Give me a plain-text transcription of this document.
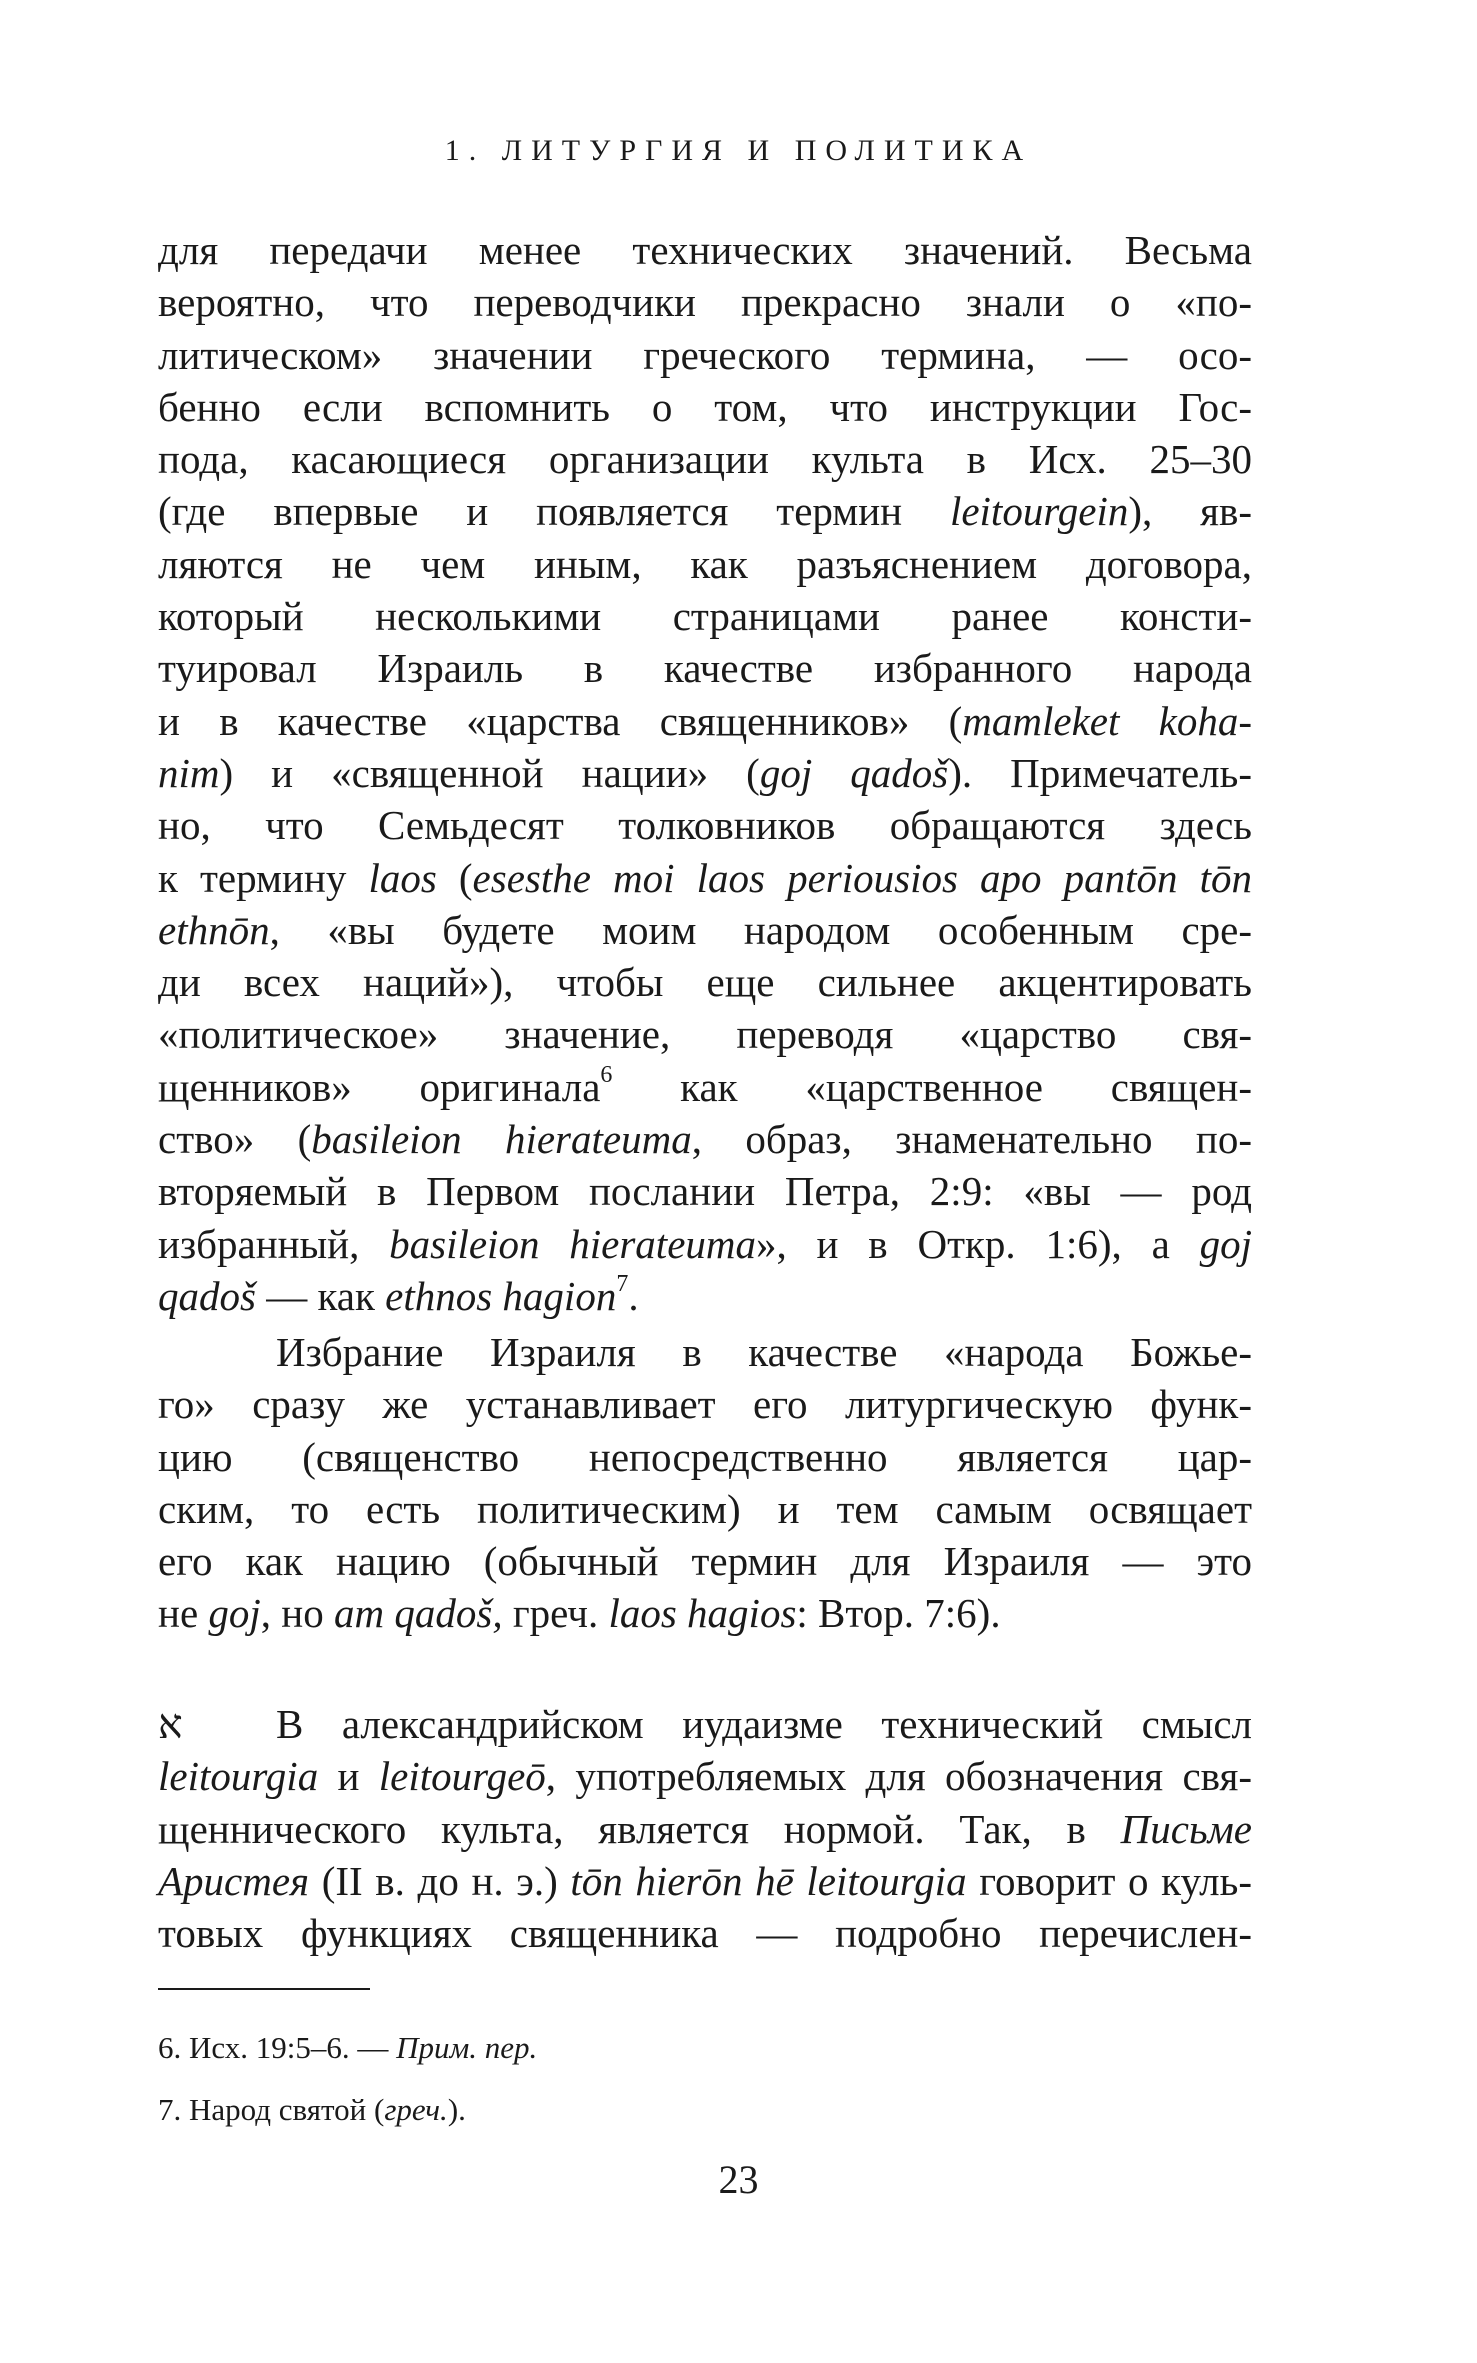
1. ЛИТУРГИЯ И ПОЛИТИКА
для передачи менее технических значений. Весьма
вероятно, что переводчики прекрасно знали о «по-
литическом» значении греческого термина, — осо-
бенно если вспомнить о том, что инструкции Гос-
пода, касающиеся организации культа в Исх. 25–30
(где впервые и появляется термин leitourgein), яв-
ляются не чем иным, как разъяснением договора,
который несколькими страницами ранее консти-
туировал Израиль в качестве избранного народа
и в качестве «царства священников» (mamleket koha-
nim) и «священной нации» (goj qadoš). Примечатель-
но, что Семьдесят толковников обращаются здесь
к термину laos (esesthe moi laos periousios apo pantōn tōn
ethnōn, «вы будете моим народом особенным сре-
ди всех наций»), чтобы еще сильнее акцентировать
«политическое» значение, переводя «царство свя-
щенников» оригинала$^6$ как «царственное священ-
ство» (basileion hierateuma, образ, знаменательно по-
вторяемый в Первом послании Петра, 2:9: «вы — род
избранный, basileion hierateuma», и в Откр. 1:6), а goj
qadoš — как ethnos hagion$^7$.
Избрание Израиля в качестве «народа Божье-
го» сразу же устанавливает его литургическую функ-
цию (священство непосредственно является цар-
ским, то есть политическим) и тем самым освящает
его как нацию (обычный термин для Израиля — это
не goj, но am qadoš, греч. laos hagios: Втор. 7:6).
א В александрийском иудаизме технический смысл
leitourgia и leitourgeō, употребляемых для обозначения свя-
щеннического культа, является нормой. Так, в Письме
Аристея (II в. до н. э.) tōn hierōn hē leitourgia говорит о куль-
товых функциях священника — подробно перечислен-
6. Исх. 19:5–6. — Прим. пер.
7. Народ святой (греч.).
23
